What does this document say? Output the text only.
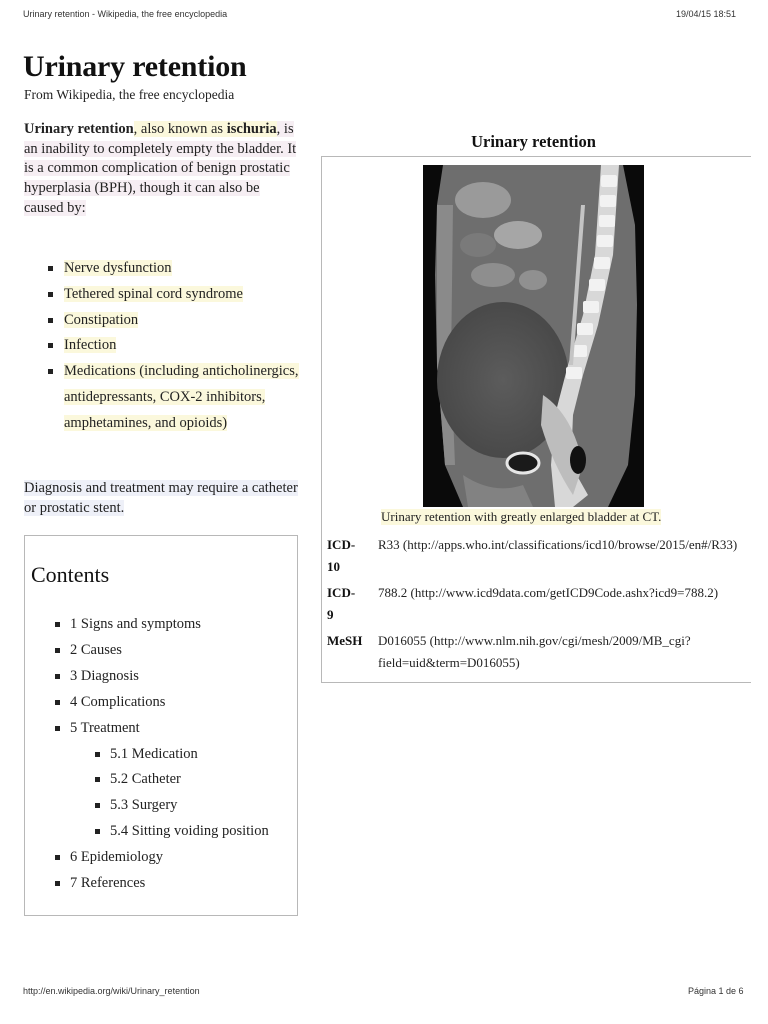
Urinary retention - Wikipedia, the free encyclopedia	19/04/15 18:51
Urinary retention
From Wikipedia, the free encyclopedia

Urinary retention, also known as ischuria, is an inability to completely empty the bladder. It is a common complication of benign prostatic hyperplasia (BPH), though it can also be caused by:

Nerve dysfunction
Tethered spinal cord syndrome
Constipation
Infection
Medications (including anticholinergics, antidepressants, COX-2 inhibitors, amphetamines, and opioids)

Diagnosis and treatment may require a catheter or prostatic stent.

Contents
1 Signs and symptoms
2 Causes
3 Diagnosis
4 Complications
5 Treatment
5.1 Medication
5.2 Catheter
5.3 Surgery
5.4 Sitting voiding position
6 Epidemiology
7 References
Urinary retention
Urinary retention with greatly enlarged bladder at CT.
ICD-10
R33 (http://apps.who.int/classifications/icd10/browse/2015/en#/R33)
ICD-9
788.2 (http://www.icd9data.com/getICD9Code.ashx?icd9=788.2)
MeSH D016055 (http://www.nlm.nih.gov/cgi/mesh/2009/MB_cgi?field=uid&term=D016055)
http://en.wikipedia.org/wiki/Urinary_retention	Página 1 de 6
